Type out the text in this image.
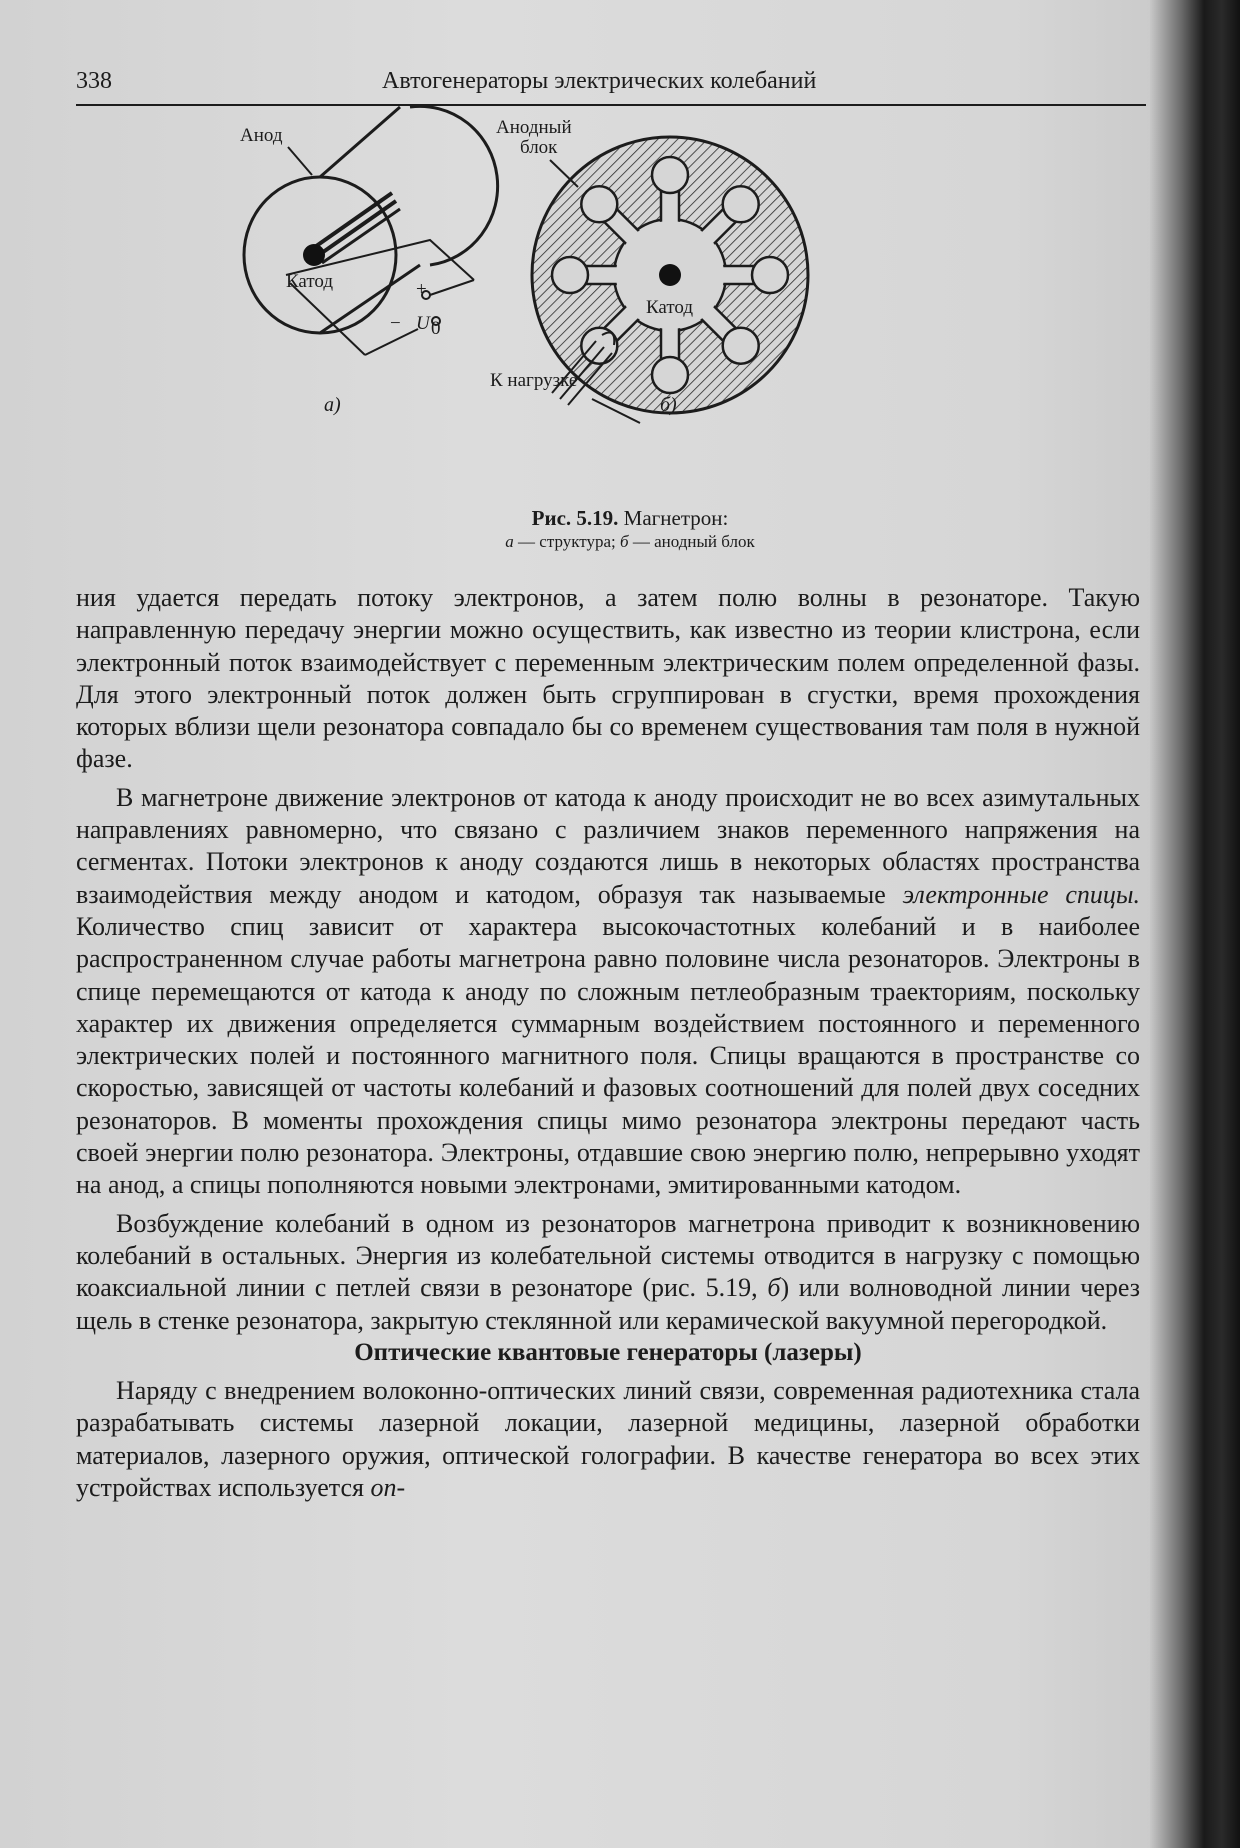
338	Автогенераторы электрических колебаний
Анод
Катод	+
− U 0
а)
Катод
Анодный
блок
К нагрузке
б)
Рис. 5.19. Магнетрон:
а — структура; б — анодный блок

ния удается передать потоку электронов, а затем полю волны в резонаторе. Такую направленную передачу энергии можно осуществить, как известно из теории клистрона, если электронный поток взаимодействует с переменным электрическим полем определенной фазы. Для этого электронный поток должен быть сгруппирован в сгустки, время прохождения которых вблизи щели резонатора совпадало бы со временем существования там поля в нужной фазе.

В магнетроне движение электронов от катода к аноду происходит не во всех азимутальных направлениях равномерно, что связано с различием знаков переменного напряжения на сегментах. Потоки электронов к аноду создаются лишь в некоторых областях пространства взаимодействия между анодом и катодом, образуя так называемые электронные спицы. Количество спиц зависит от характера высокочастотных колебаний и в наиболее распространенном случае работы магнетрона равно половине числа резонаторов. Электроны в спице перемещаются от катода к аноду по сложным петлеобразным траекториям, поскольку характер их движения определяется суммарным воздействием постоянного и переменного электрических полей и постоянного магнитного поля. Спицы вращаются в пространстве со скоростью, зависящей от частоты колебаний и фазовых соотношений для полей двух соседних резонаторов. В моменты прохождения спицы мимо резонатора электроны передают часть своей энергии полю резонатора. Электроны, отдавшие свою энергию полю, непрерывно уходят на анод, а спицы пополняются новыми электронами, эмитированными катодом.

Возбуждение колебаний в одном из резонаторов магнетрона приводит к возникновению колебаний в остальных. Энергия из колебательной системы отводится в нагрузку с помощью коаксиальной линии с петлей связи в резонаторе (рис. 5.19, б) или волноводной линии через щель в стенке резонатора, закрытую стеклянной или керамической вакуумной перегородкой.

Оптические квантовые генераторы (лазеры)

Наряду с внедрением волоконно-оптических линий связи, современная радиотехника стала разрабатывать системы лазерной локации, лазерной медицины, лазерной обработки материалов, лазерного оружия, оптической голографии. В качестве генератора во всех этих устройствах используется оп-
